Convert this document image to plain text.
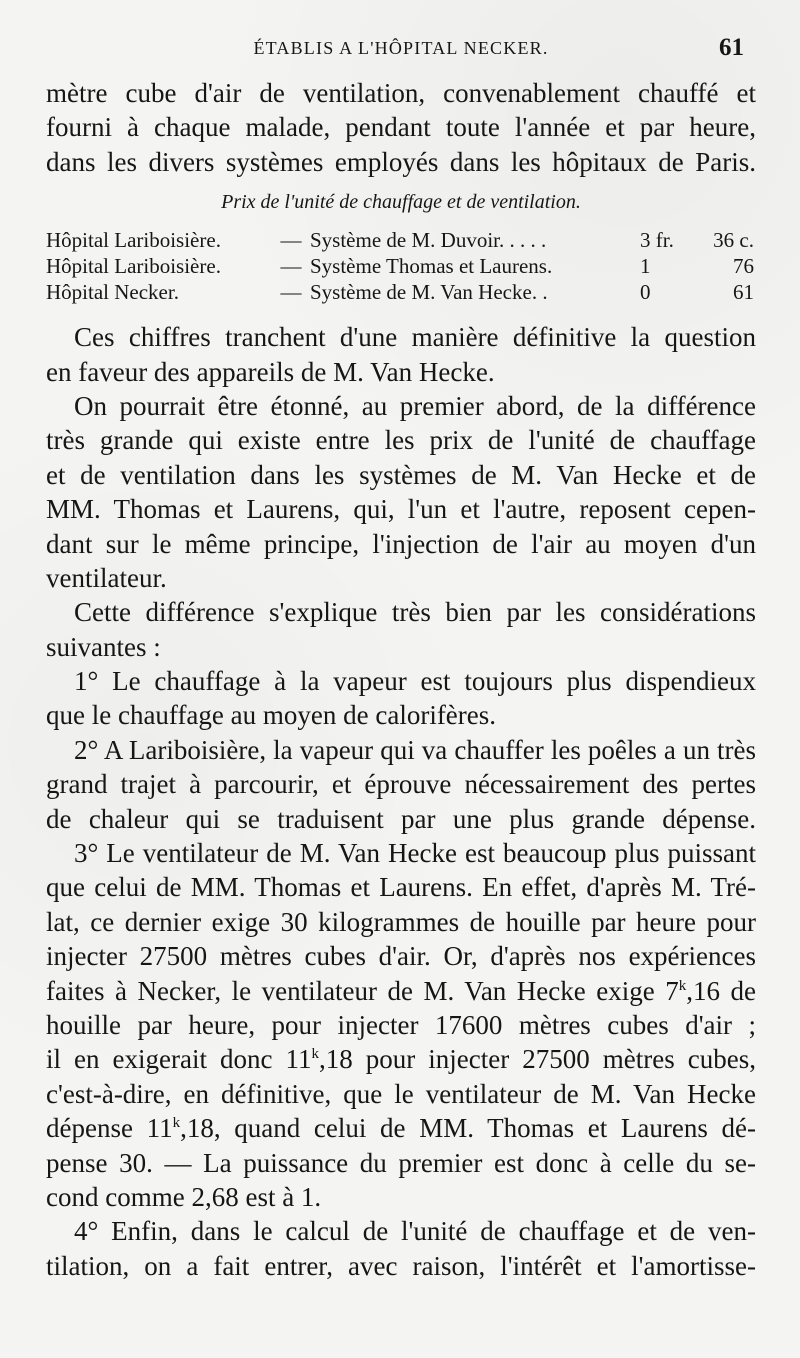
ÉTABLIS A L'HÔPITAL NECKER.	61
mètre cube d'air de ventilation, convenablement chauffé et
fourni à chaque malade, pendant toute l'année et par heure,
dans les divers systèmes employés dans les hôpitaux de Paris.
Prix de l'unité de chauffage et de ventilation.
Hôpital Lariboisière.	—	Système de M. Duvoir. . . . .	3 fr.	36 c.
Hôpital Lariboisière.	—	Système Thomas et Laurens.	1	76
Hôpital Necker.	—	Système de M. Van Hecke. .	0	61
Ces chiffres tranchent d'une manière définitive la question
en faveur des appareils de M. Van Hecke.
On pourrait être étonné, au premier abord, de la différence
très grande qui existe entre les prix de l'unité de chauffage
et de ventilation dans les systèmes de M. Van Hecke et de
MM. Thomas et Laurens, qui, l'un et l'autre, reposent cepen-
dant sur le même principe, l'injection de l'air au moyen d'un
ventilateur.
Cette différence s'explique très bien par les considérations
suivantes :
1° Le chauffage à la vapeur est toujours plus dispendieux
que le chauffage au moyen de calorifères.
2° A Lariboisière, la vapeur qui va chauffer les poêles a un très
grand trajet à parcourir, et éprouve nécessairement des pertes
de chaleur qui se traduisent par une plus grande dépense.
3° Le ventilateur de M. Van Hecke est beaucoup plus puissant
que celui de MM. Thomas et Laurens. En effet, d'après M. Tré-
lat, ce dernier exige 30 kilogrammes de houille par heure pour
injecter 27500 mètres cubes d'air. Or, d'après nos expériences
faites à Necker, le ventilateur de M. Van Hecke exige 7$^k$,16 de
houille par heure, pour injecter 17600 mètres cubes d'air ;
il en exigerait donc 11$^k$,18 pour injecter 27500 mètres cubes,
c'est-à-dire, en définitive, que le ventilateur de M. Van Hecke
dépense 11$^k$,18, quand celui de MM. Thomas et Laurens dé-
pense 30. — La puissance du premier est donc à celle du se-
cond comme 2,68 est à 1.
4° Enfin, dans le calcul de l'unité de chauffage et de ven-
tilation, on a fait entrer, avec raison, l'intérêt et l'amortisse-
